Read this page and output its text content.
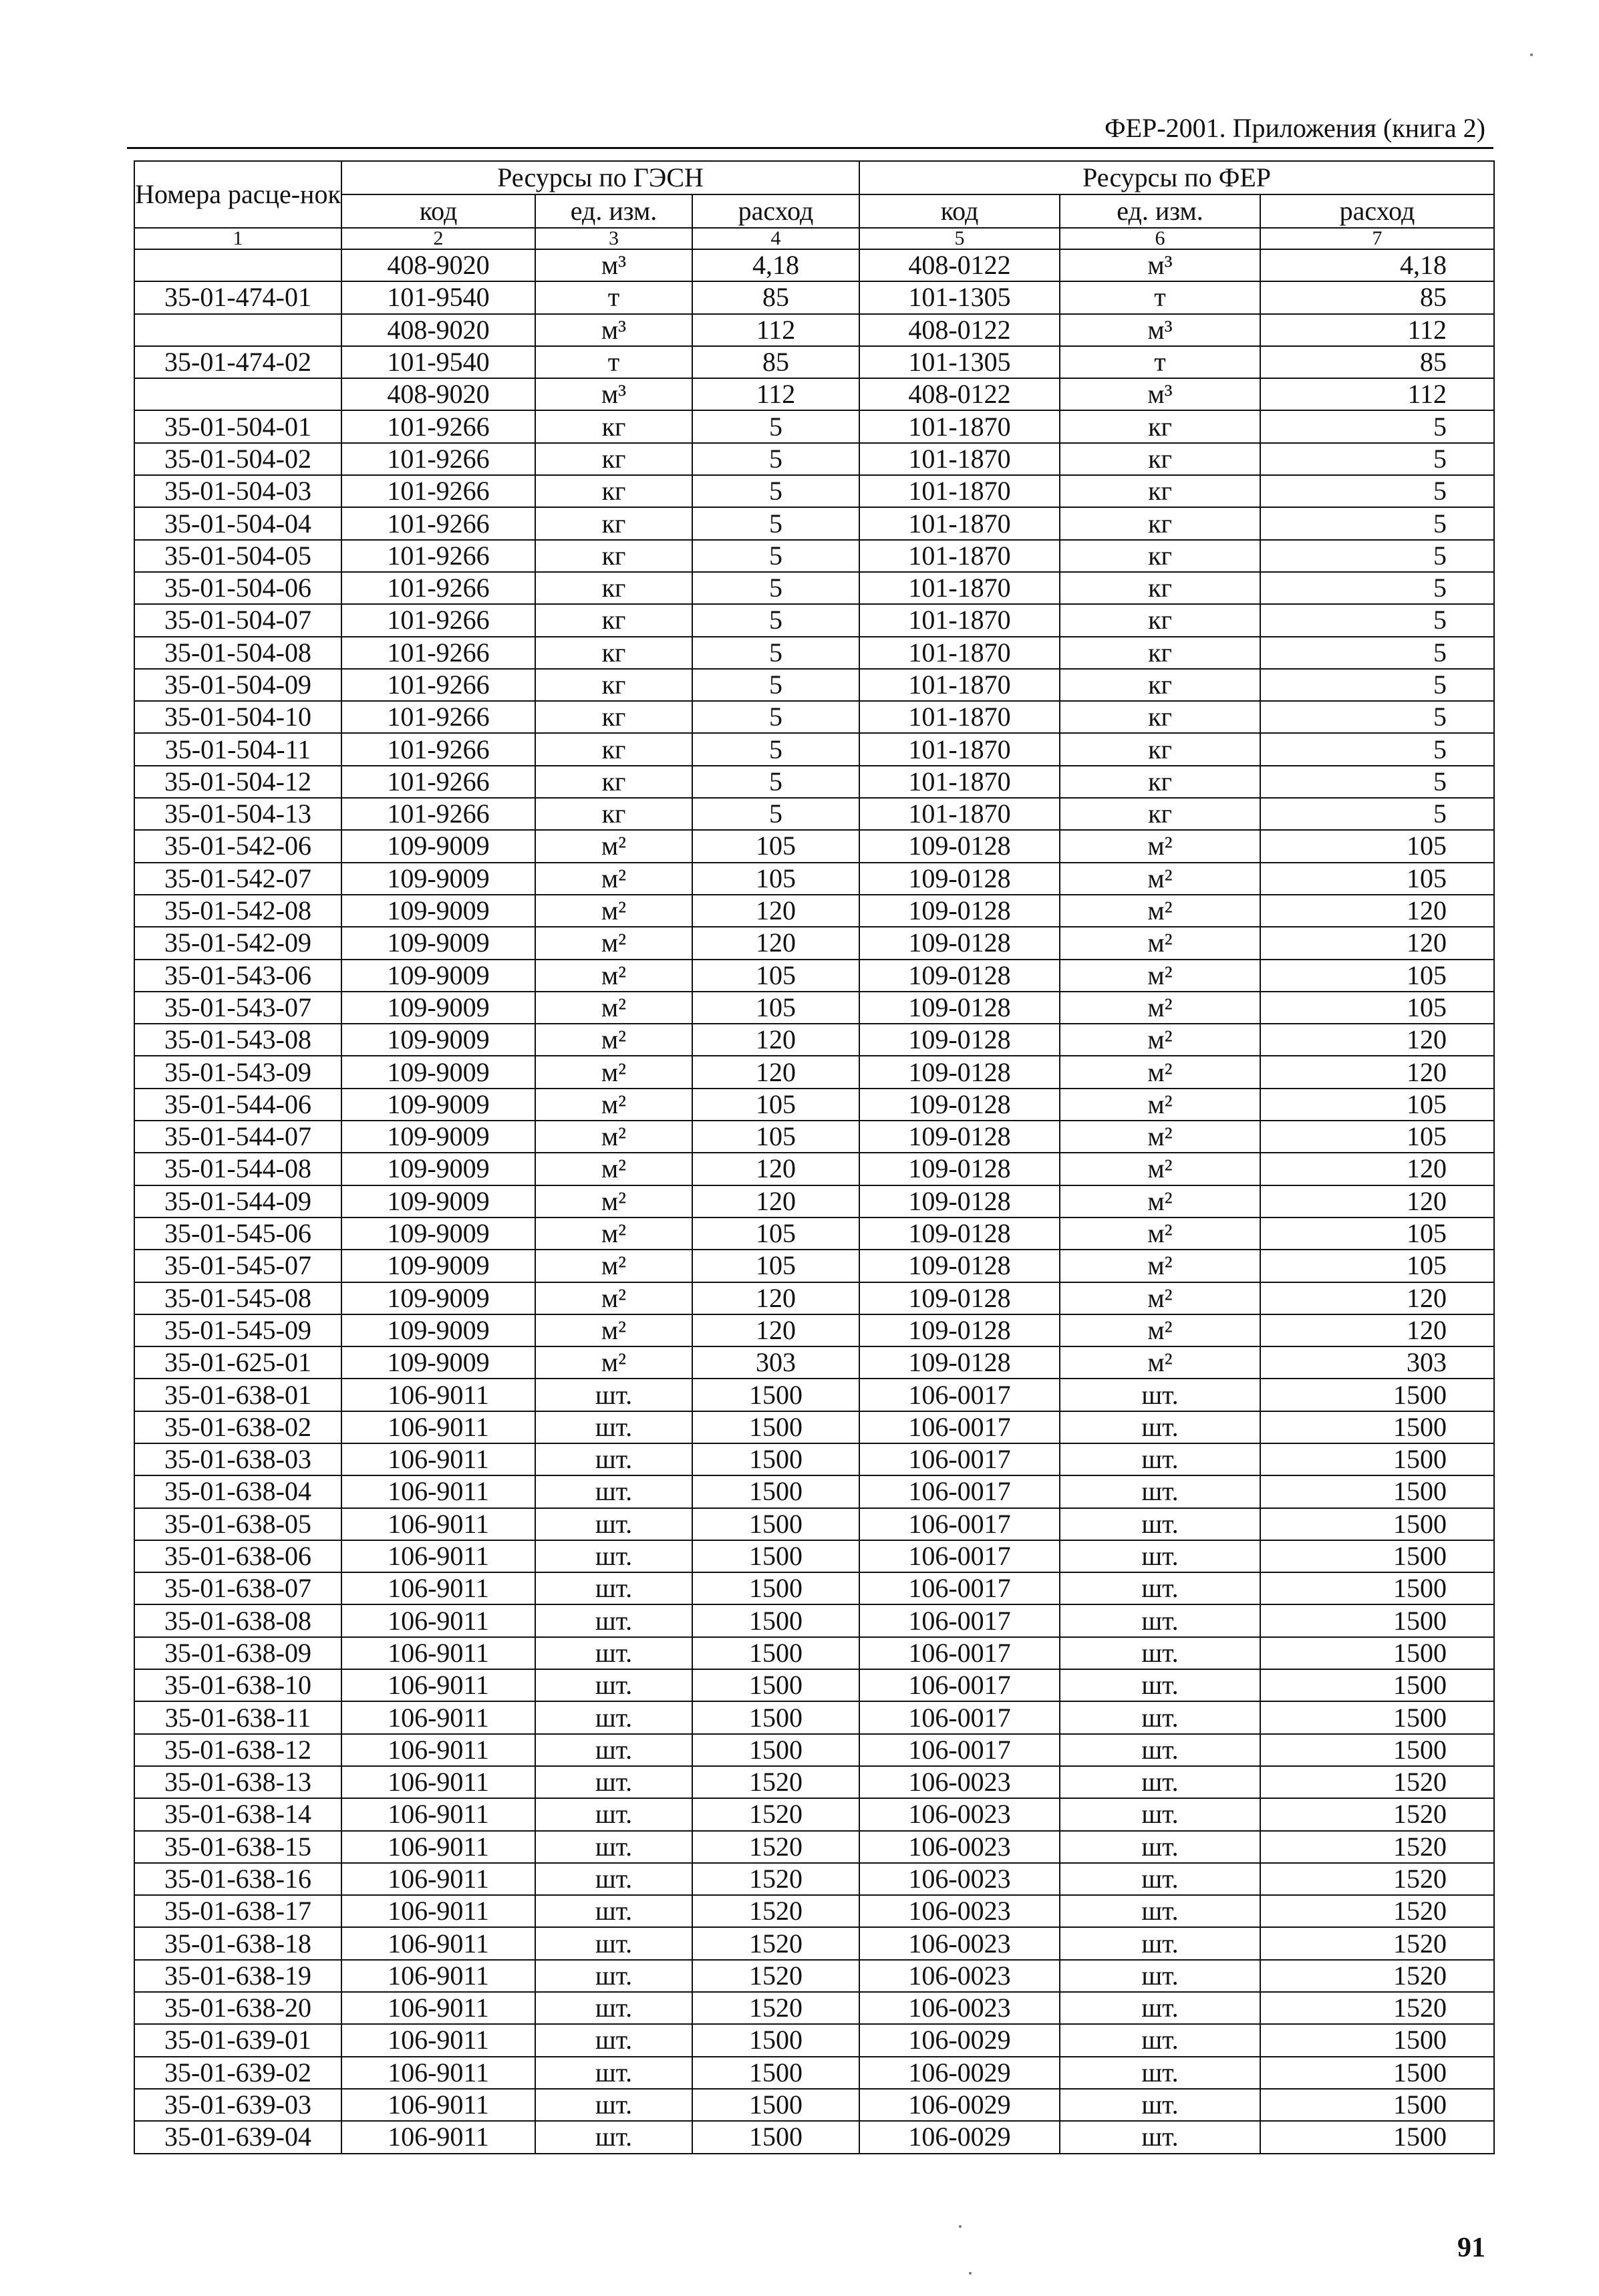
ФЕР-2001. Приложения (книга 2)
Номера расце-нок	Ресурсы по ГЭСН			Ресурсы по ФЕР		
	код	ед. изм.	расход	код	ед. изм.	расход
1	2	3	4	5	6	7
	408-9020	м³	4,18	408-0122	м³	4,18
35-01-474-01	101-9540	т	85	101-1305	т	85
	408-9020	м³	112	408-0122	м³	112
35-01-474-02	101-9540	т	85	101-1305	т	85
	408-9020	м³	112	408-0122	м³	112
35-01-504-01	101-9266	кг	5	101-1870	кг	5
35-01-504-02	101-9266	кг	5	101-1870	кг	5
35-01-504-03	101-9266	кг	5	101-1870	кг	5
35-01-504-04	101-9266	кг	5	101-1870	кг	5
35-01-504-05	101-9266	кг	5	101-1870	кг	5
35-01-504-06	101-9266	кг	5	101-1870	кг	5
35-01-504-07	101-9266	кг	5	101-1870	кг	5
35-01-504-08	101-9266	кг	5	101-1870	кг	5
35-01-504-09	101-9266	кг	5	101-1870	кг	5
35-01-504-10	101-9266	кг	5	101-1870	кг	5
35-01-504-11	101-9266	кг	5	101-1870	кг	5
35-01-504-12	101-9266	кг	5	101-1870	кг	5
35-01-504-13	101-9266	кг	5	101-1870	кг	5
35-01-542-06	109-9009	м²	105	109-0128	м²	105
35-01-542-07	109-9009	м²	105	109-0128	м²	105
35-01-542-08	109-9009	м²	120	109-0128	м²	120
35-01-542-09	109-9009	м²	120	109-0128	м²	120
35-01-543-06	109-9009	м²	105	109-0128	м²	105
35-01-543-07	109-9009	м²	105	109-0128	м²	105
35-01-543-08	109-9009	м²	120	109-0128	м²	120
35-01-543-09	109-9009	м²	120	109-0128	м²	120
35-01-544-06	109-9009	м²	105	109-0128	м²	105
35-01-544-07	109-9009	м²	105	109-0128	м²	105
35-01-544-08	109-9009	м²	120	109-0128	м²	120
35-01-544-09	109-9009	м²	120	109-0128	м²	120
35-01-545-06	109-9009	м²	105	109-0128	м²	105
35-01-545-07	109-9009	м²	105	109-0128	м²	105
35-01-545-08	109-9009	м²	120	109-0128	м²	120
35-01-545-09	109-9009	м²	120	109-0128	м²	120
35-01-625-01	109-9009	м²	303	109-0128	м²	303
35-01-638-01	106-9011	шт.	1500	106-0017	шт.	1500
35-01-638-02	106-9011	шт.	1500	106-0017	шт.	1500
35-01-638-03	106-9011	шт.	1500	106-0017	шт.	1500
35-01-638-04	106-9011	шт.	1500	106-0017	шт.	1500
35-01-638-05	106-9011	шт.	1500	106-0017	шт.	1500
35-01-638-06	106-9011	шт.	1500	106-0017	шт.	1500
35-01-638-07	106-9011	шт.	1500	106-0017	шт.	1500
35-01-638-08	106-9011	шт.	1500	106-0017	шт.	1500
35-01-638-09	106-9011	шт.	1500	106-0017	шт.	1500
35-01-638-10	106-9011	шт.	1500	106-0017	шт.	1500
35-01-638-11	106-9011	шт.	1500	106-0017	шт.	1500
35-01-638-12	106-9011	шт.	1500	106-0017	шт.	1500
35-01-638-13	106-9011	шт.	1520	106-0023	шт.	1520
35-01-638-14	106-9011	шт.	1520	106-0023	шт.	1520
35-01-638-15	106-9011	шт.	1520	106-0023	шт.	1520
35-01-638-16	106-9011	шт.	1520	106-0023	шт.	1520
35-01-638-17	106-9011	шт.	1520	106-0023	шт.	1520
35-01-638-18	106-9011	шт.	1520	106-0023	шт.	1520
35-01-638-19	106-9011	шт.	1520	106-0023	шт.	1520
35-01-638-20	106-9011	шт.	1520	106-0023	шт.	1520
35-01-639-01	106-9011	шт.	1500	106-0029	шт.	1500
35-01-639-02	106-9011	шт.	1500	106-0029	шт.	1500
35-01-639-03	106-9011	шт.	1500	106-0029	шт.	1500
35-01-639-04	106-9011	шт.	1500	106-0029	шт.	1500
91
